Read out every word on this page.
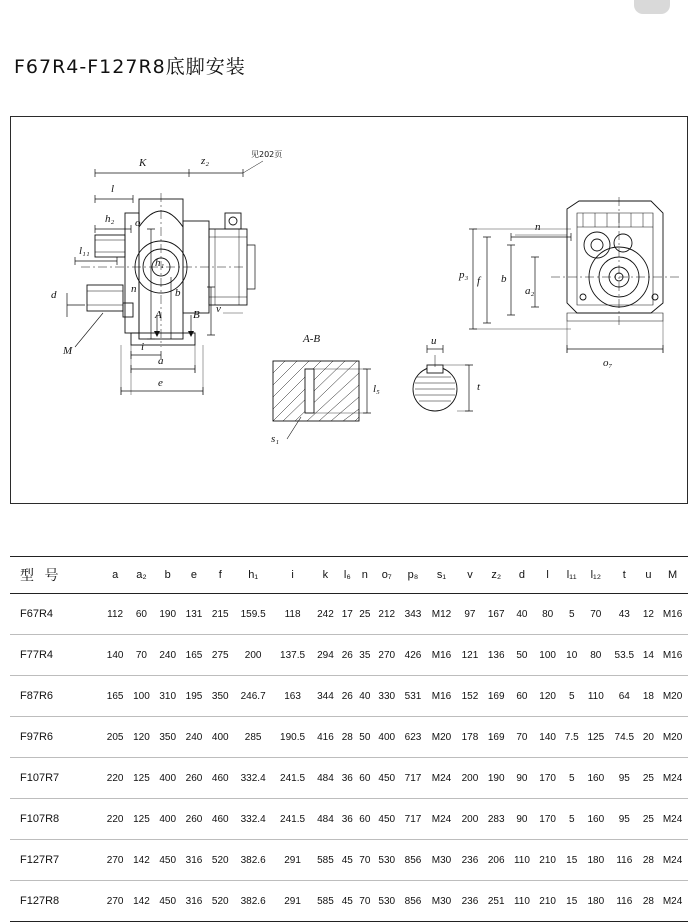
F67R4-F127R8底脚安装
K	z₂
见202页
l
h₂ o
l₁₁
h₁
n	b
d
v
A	B
M	i
a
e
A-B
s₁
l₅
u
t
n
p₃ f b
a₂
o₇
型 号	a	a₂	b	e	f	h₁	i	k	l₆	n	o₇	p₈	s₁	v	z₂	d	l	l₁₁	l₁₂	t	u	M
F67R4	112	60	190	131	215	159.5	118	242	17	25	212	343	M12	97	167	40	80	5	70	43	12	M16
F77R4	140	70	240	165	275	200	137.5	294	26	35	270	426	M16	121	136	50	100	10	80	53.5	14	M16
F87R6	165	100	310	195	350	246.7	163	344	26	40	330	531	M16	152	169	60	120	5	110	64	18	M20
F97R6	205	120	350	240	400	285	190.5	416	28	50	400	623	M20	178	169	70	140	7.5	125	74.5	20	M20
F107R7	220	125	400	260	460	332.4	241.5	484	36	60	450	717	M24	200	190	90	170	5	160	95	25	M24
F107R8	220	125	400	260	460	332.4	241.5	484	36	60	450	717	M24	200	283	90	170	5	160	95	25	M24
F127R7	270	142	450	316	520	382.6	291	585	45	70	530	856	M30	236	206	110	210	15	180	116	28	M24
F127R8	270	142	450	316	520	382.6	291	585	45	70	530	856	M30	236	251	110	210	15	180	116	28	M24
